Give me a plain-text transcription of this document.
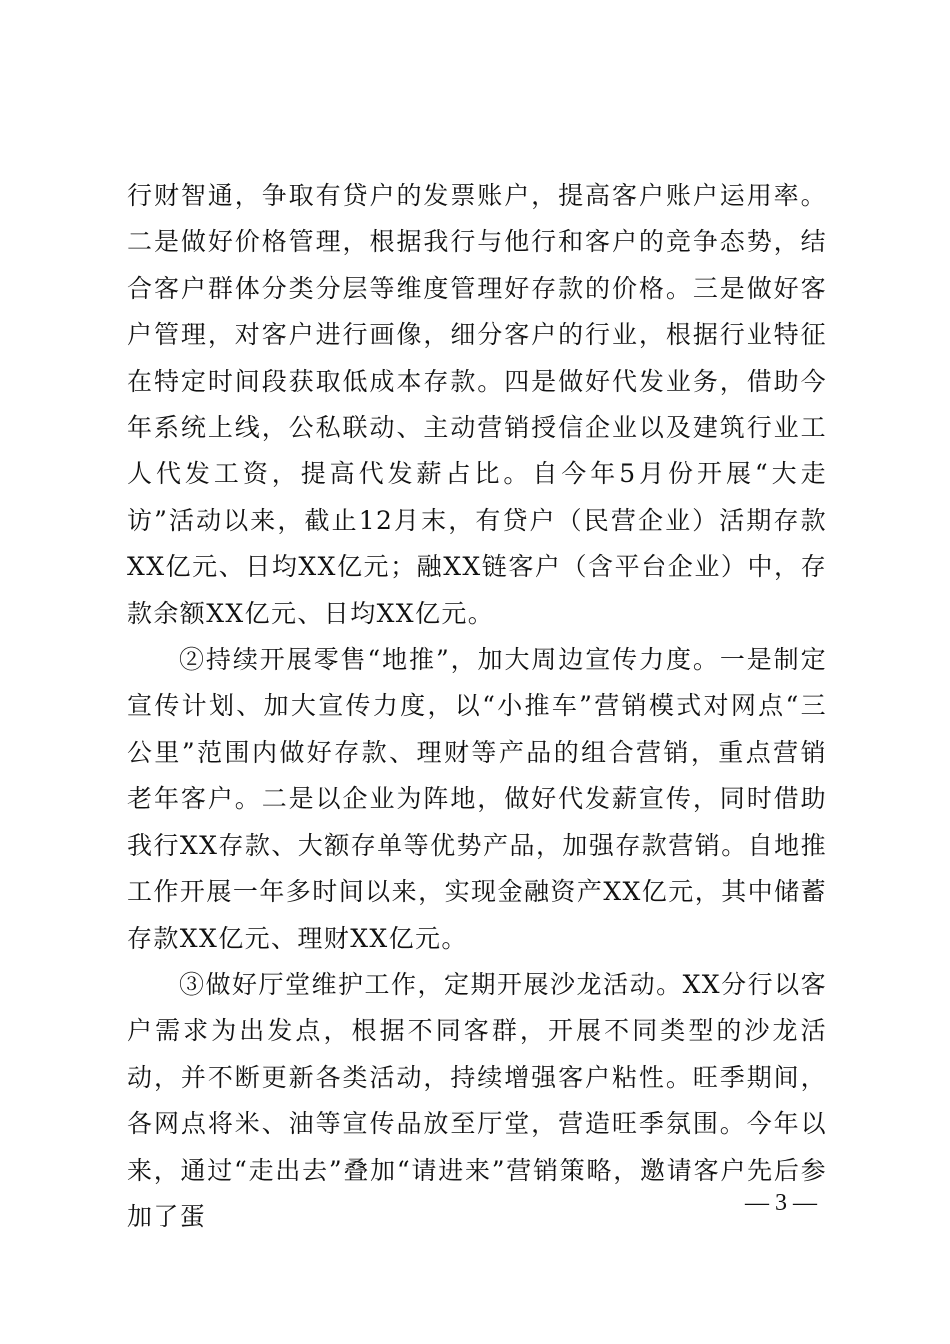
行财智通，争取有贷户的发票账户，提高客户账户运用率。二是做好价格管理，根据我行与他行和客户的竞争态势，结合客户群体分类分层等维度管理好存款的价格。三是做好客户管理，对客户进行画像，细分客户的行业，根据行业特征在特定时间段获取低成本存款。四是做好代发业务，借助今年系统上线，公私联动、主动营销授信企业以及建筑行业工人代发工资，提高代发薪占比。自今年5月份开展“大走访”活动以来，截止12月末，有贷户（民营企业）活期存款XX亿元、日均XX亿元；融XX链客户（含平台企业）中，存款余额XX亿元、日均XX亿元。

②持续开展零售“地推”，加大周边宣传力度。一是制定宣传计划、加大宣传力度，以“小推车”营销模式对网点“三公里”范围内做好存款、理财等产品的组合营销，重点营销老年客户。二是以企业为阵地，做好代发薪宣传，同时借助我行XX存款、大额存单等优势产品，加强存款营销。自地推工作开展一年多时间以来，实现金融资产XX亿元，其中储蓄存款XX亿元、理财XX亿元。

③做好厅堂维护工作，定期开展沙龙活动。XX分行以客户需求为出发点，根据不同客群，开展不同类型的沙龙活动，并不断更新各类活动，持续增强客户粘性。旺季期间，各网点将米、油等宣传品放至厅堂，营造旺季氛围。今年以来，通过“走出去”叠加“请进来”营销策略，邀请客户先后参加了蛋	— 3 —
